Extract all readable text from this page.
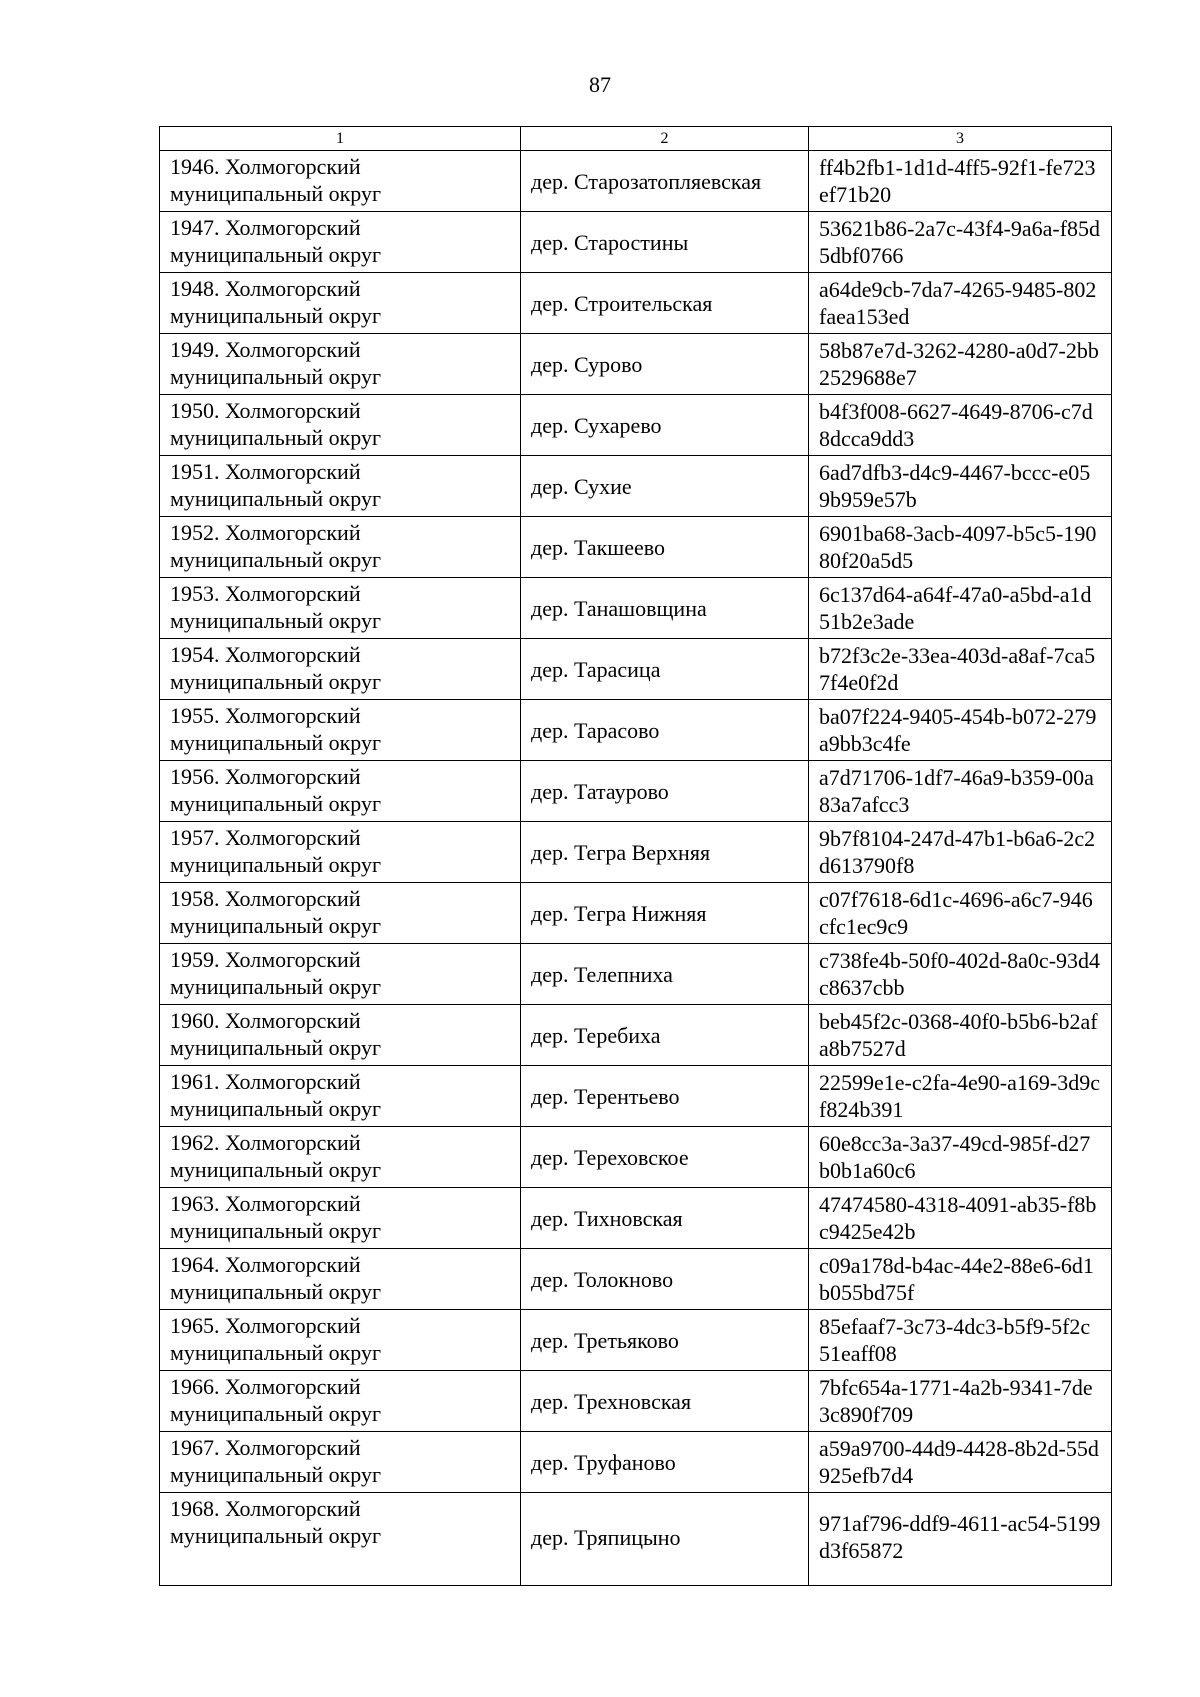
87
1	2	3
1946. Холмогорский муниципальный округ	дер. Старозатопляевская	ff4b2fb1-1d1d-4ff5-92f1-fe723ef71b20
1947. Холмогорский муниципальный округ	дер. Старостины	53621b86-2a7c-43f4-9a6a-f85d5dbf0766
1948. Холмогорский муниципальный округ	дер. Строительская	a64de9cb-7da7-4265-9485-802faea153ed
1949. Холмогорский муниципальный округ	дер. Сурово	58b87e7d-3262-4280-a0d7-2bb2529688e7
1950. Холмогорский муниципальный округ	дер. Сухарево	b4f3f008-6627-4649-8706-c7d8dcca9dd3
1951. Холмогорский муниципальный округ	дер. Сухие	6ad7dfb3-d4c9-4467-bccc-e059b959e57b
1952. Холмогорский муниципальный округ	дер. Такшеево	6901ba68-3acb-4097-b5c5-19080f20a5d5
1953. Холмогорский муниципальный округ	дер. Танашовщина	6c137d64-a64f-47a0-a5bd-a1d51b2e3ade
1954. Холмогорский муниципальный округ	дер. Тарасица	b72f3c2e-33ea-403d-a8af-7ca57f4e0f2d
1955. Холмогорский муниципальный округ	дер. Тарасово	ba07f224-9405-454b-b072-279a9bb3c4fe
1956. Холмогорский муниципальный округ	дер. Татаурово	a7d71706-1df7-46a9-b359-00a83a7afcc3
1957. Холмогорский муниципальный округ	дер. Тегра Верхняя	9b7f8104-247d-47b1-b6a6-2c2d613790f8
1958. Холмогорский муниципальный округ	дер. Тегра Нижняя	c07f7618-6d1c-4696-a6c7-946cfc1ec9c9
1959. Холмогорский муниципальный округ	дер. Телепниха	c738fe4b-50f0-402d-8a0c-93d4c8637cbb
1960. Холмогорский муниципальный округ	дер. Теребиха	beb45f2c-0368-40f0-b5b6-b2afa8b7527d
1961. Холмогорский муниципальный округ	дер. Терентьево	22599e1e-c2fa-4e90-a169-3d9cf824b391
1962. Холмогорский муниципальный округ	дер. Тереховское	60e8cc3a-3a37-49cd-985f-d27b0b1a60c6
1963. Холмогорский муниципальный округ	дер. Тихновская	47474580-4318-4091-ab35-f8bc9425e42b
1964. Холмогорский муниципальный округ	дер. Толокново	c09a178d-b4ac-44e2-88e6-6d1b055bd75f
1965. Холмогорский муниципальный округ	дер. Третьяково	85efaaf7-3c73-4dc3-b5f9-5f2c51eaff08
1966. Холмогорский муниципальный округ	дер. Трехновская	7bfc654a-1771-4a2b-9341-7de3c890f709
1967. Холмогорский муниципальный округ	дер. Труфаново	a59a9700-44d9-4428-8b2d-55d925efb7d4
1968. Холмогорский муниципальный округ	дер. Тряпицыно	971af796-ddf9-4611-ac54-5199d3f65872
